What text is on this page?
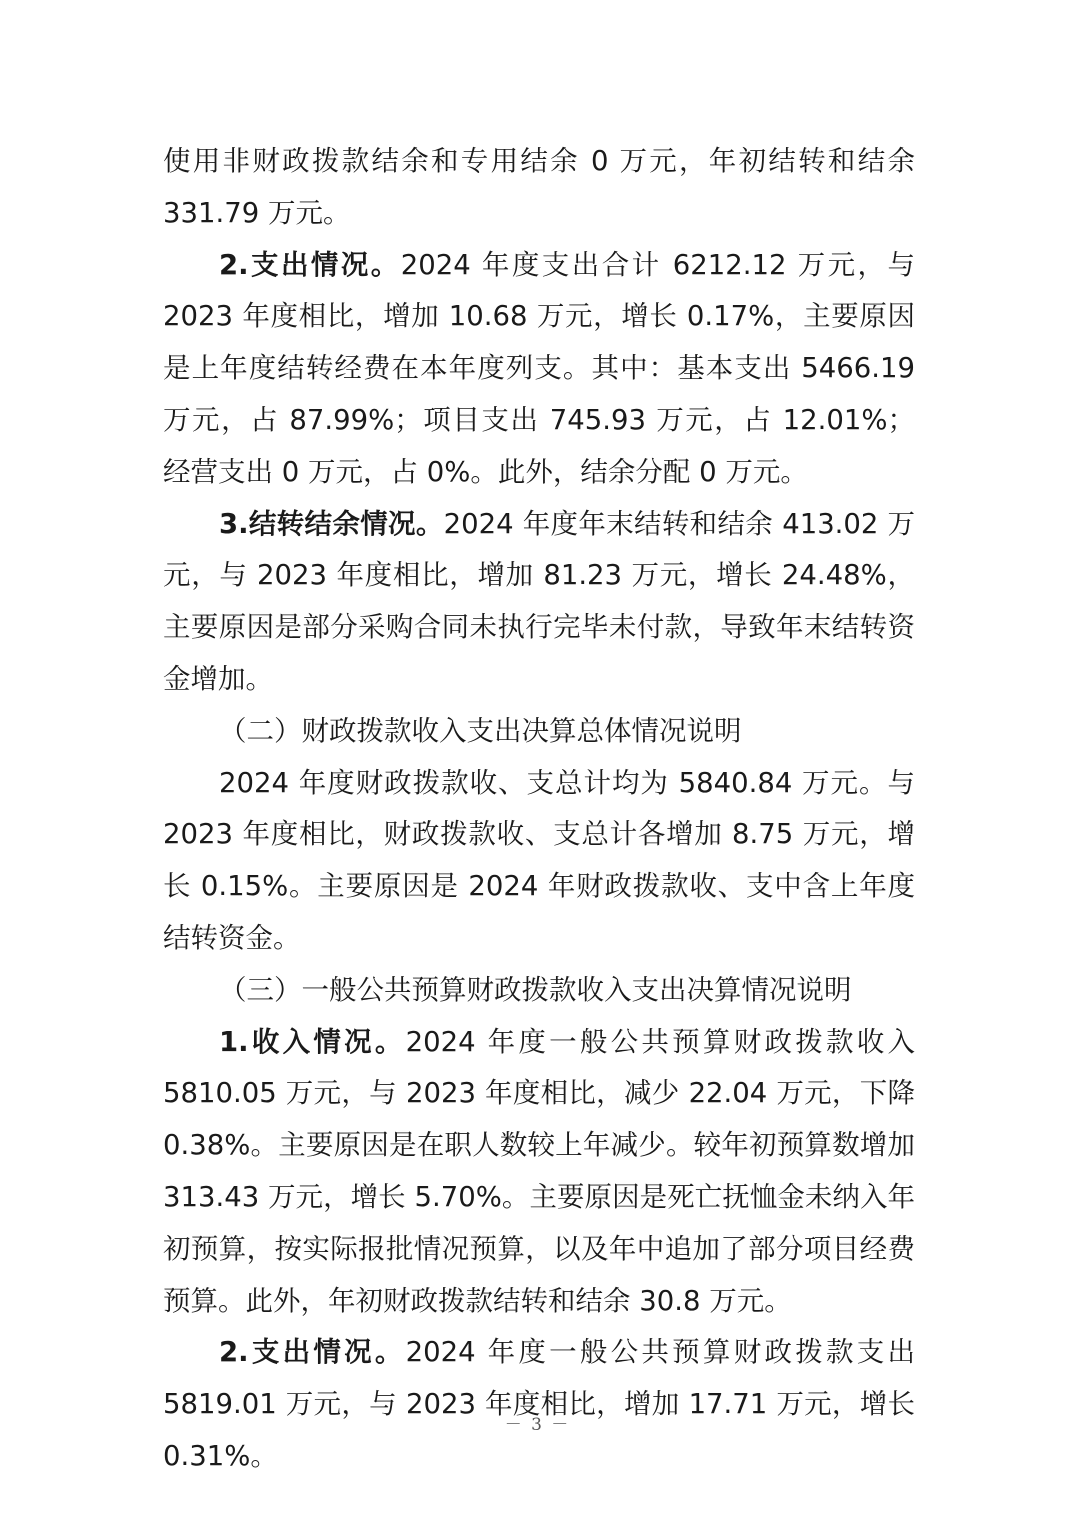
使用非财政拨款结余和专用结余 0 万元，年初结转和结余 331.79 万元。

2.支出情况。2024 年度支出合计 6212.12 万元，与 2023 年度相比，增加 10.68 万元，增长 0.17%，主要原因是上年度结转经费在本年度列支。其中：基本支出 5466.19 万元，占 87.99%；项目支出 745.93 万元，占 12.01%；经营支出 0 万元，占 0%。此外，结余分配 0 万元。

3.结转结余情况。2024 年度年末结转和结余 413.02 万元，与 2023 年度相比，增加 81.23 万元，增长 24.48%，主要原因是部分采购合同未执行完毕未付款，导致年末结转资金增加。

（二）财政拨款收入支出决算总体情况说明

2024 年度财政拨款收、支总计均为 5840.84 万元。与 2023 年度相比，财政拨款收、支总计各增加 8.75 万元，增长 0.15%。主要原因是 2024 年财政拨款收、支中含上年度结转资金。

（三）一般公共预算财政拨款收入支出决算情况说明

1.收入情况。2024 年度一般公共预算财政拨款收入 5810.05 万元，与 2023 年度相比，减少 22.04 万元，下降 0.38%。主要原因是在职人数较上年减少。较年初预算数增加 313.43 万元，增长 5.70%。主要原因是死亡抚恤金未纳入年初预算，按实际报批情况预算，以及年中追加了部分项目经费预算。此外，年初财政拨款结转和结余 30.8 万元。

2.支出情况。2024 年度一般公共预算财政拨款支出 5819.01 万元，与 2023 年度相比，增加 17.71 万元，增长 0.31%。

－ 3 －
